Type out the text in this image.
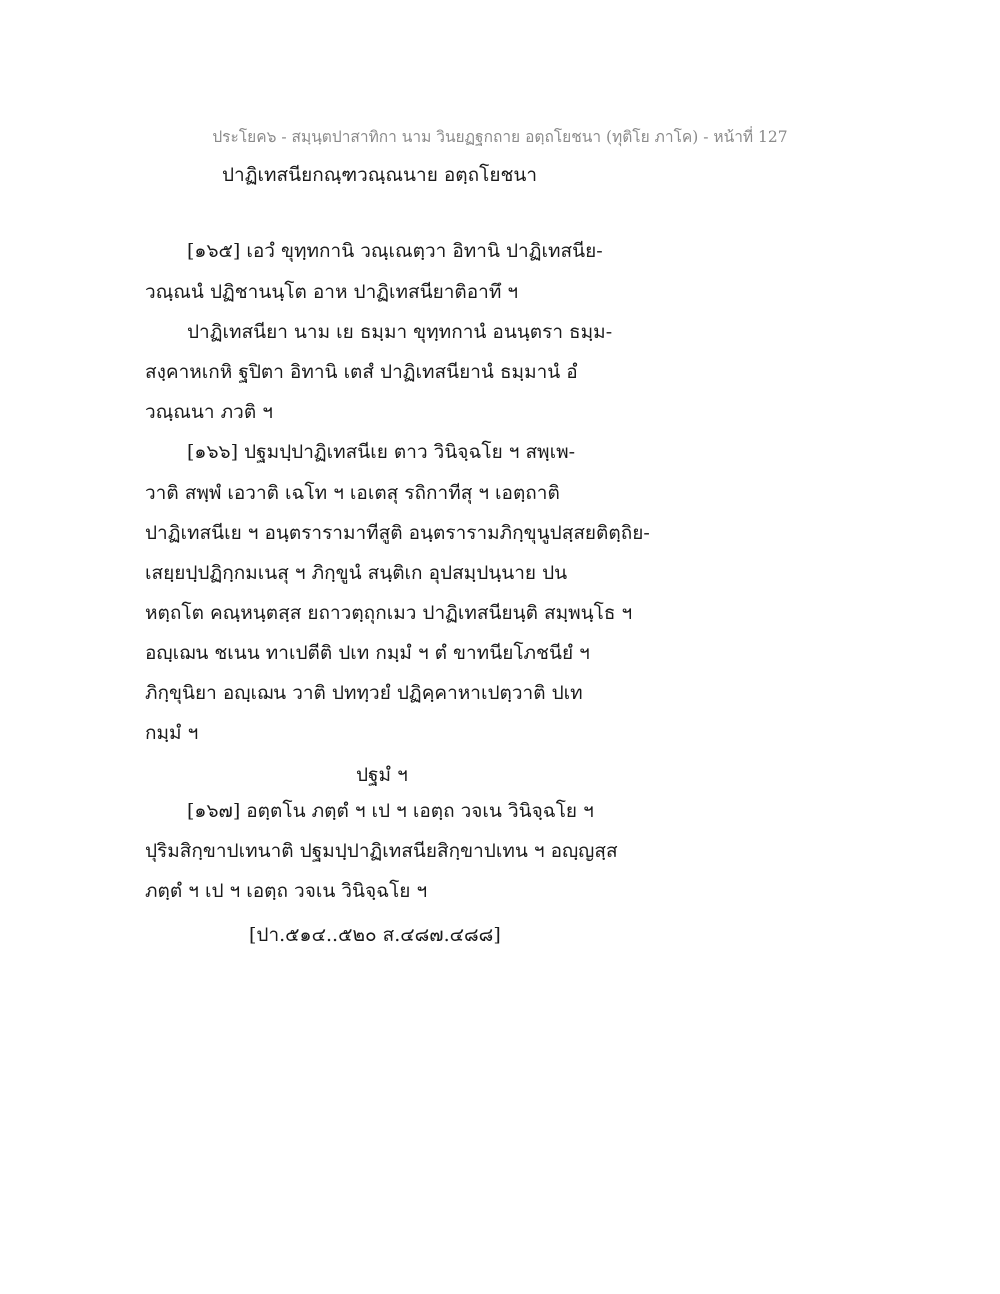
ประโยค๖ - สมฺนฺตปาสาทิกา นาม วินยฏฐกถาย อตฺถโยชนา (ทุติโย ภาโค) - หน้าที่ 127
ปาฏิเทสนียกณฺฑวณฺณนาย อตฺถโยชนา
[๑๖๕] เอวํ ขุทฺทกานิ วณฺเณตฺวา อิทานิ ปาฏิเทสนีย-
วณฺณนํ ปฏิชานนฺโต อาห ปาฏิเทสนียาติอาทึ ฯ
ปาฏิเทสนียา นาม เย ธมฺมา ขุทฺทกานํ อนนฺตรา ธมฺม-
สงฺคาหเกหิ ฐปิตา อิทานิ เตสํ ปาฏิเทสนียานํ ธมฺมานํ อํ
วณฺณนา ภวติ ฯ
[๑๖๖] ปฐมปฺปาฏิเทสนีเย ตาว วินิจฺฉโย ฯ สพฺเพ-
วาติ สพฺพํ เอวาติ เฉโท ฯ เอเตสุ รถิกาทีสุ ฯ เอตฺถาติ
ปาฏิเทสนีเย ฯ อนฺตรารามาทีสูติ อนฺตรารามภิกฺขุนูปสฺสยติตฺถิย-
เสยฺยปฺปฏิกฺกมเนสุ ฯ ภิกฺขูนํ สนฺติเก อุปสมฺปนฺนาย ปน
หตฺถโต คณฺหนฺตสฺส ยถาวตฺถุกเมว ปาฏิเทสนียนฺติ สมฺพนฺโธ ฯ
อญฺเฌน ชเนน ทาเปตีติ ปเท กมฺมํ ฯ ตํ ขาทนียโภชนียํ ฯ
ภิกฺขุนิยา อญฺเฌน วาติ ปททฺวยํ ปฏิคฺคาหาเปตฺวาติ ปเท
กมฺมํ ฯ
ปฐมํ ฯ
[๑๖๗] อตฺตโน ภตฺตํ ฯ เป ฯ เอตฺถ วจเน วินิจฺฉโย ฯ
ปุริมสิกฺขาปเทนาติ ปฐมปฺปาฏิเทสนียสิกฺขาปเทน ฯ อญฺญสฺส
ภตฺตํ ฯ เป ฯ เอตฺถ วจเน วินิจฺฉโย ฯ
[ปา.๕๑๔..๕๒๐ ส.๔๘๗.๔๘๘]
